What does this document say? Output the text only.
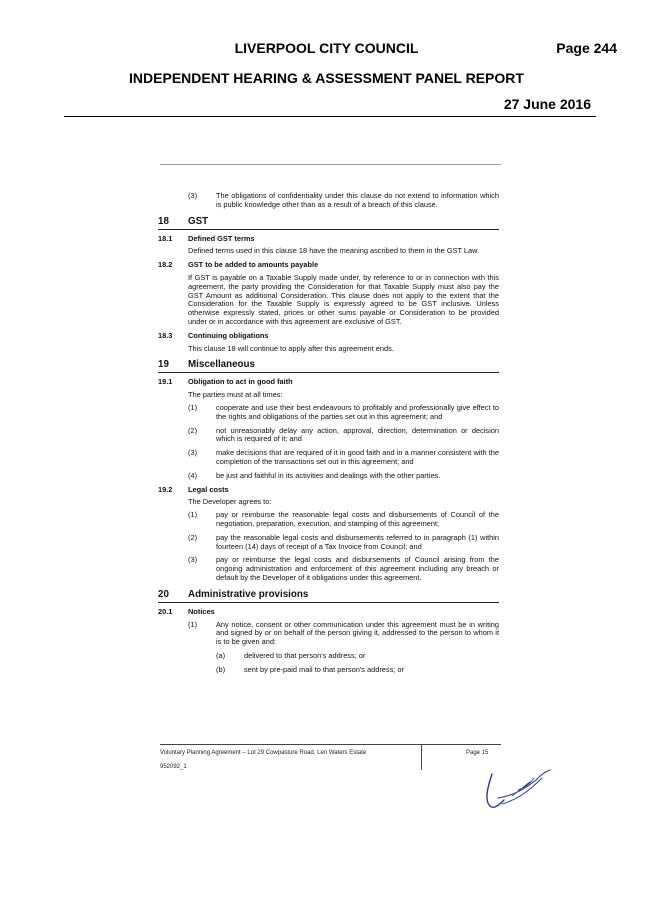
LIVERPOOL CITY COUNCIL	Page 244
INDEPENDENT HEARING & ASSESSMENT PANEL REPORT
27 June 2016
(3)	The obligations of confidentiality under this clause do not extend to information which is public knowledge other than as a result of a breach of this clause.
18 GST
18.1 Defined GST terms
Defined terms used in this clause 18 have the meaning ascribed to them in the GST Law.
18.2 GST to be added to amounts payable
If GST is payable on a Taxable Supply made under, by reference to or in connection with this agreement, the party providing the Consideration for that Taxable Supply must also pay the GST Amount as additional Consideration. This clause does not apply to the extent that the Consideration for the Taxable Supply is expressly agreed to be GST inclusive. Unless otherwise expressly stated, prices or other sums payable or Consideration to be provided under or in accordance with this agreement are exclusive of GST.
18.3 Continuing obligations
This clause 18 will continue to apply after this agreement ends.
19 Miscellaneous
19.1 Obligation to act in good faith
The parties must at all times:
(1)	cooperate and use their best endeavours to profitably and professionally give effect to the rights and obligations of the parties set out in this agreement; and
(2)	not unreasonably delay any action, approval, direction, determination or decision which is required of it; and
(3)	make decisions that are required of it in good faith and in a manner consistent with the completion of the transactions set out in this agreement; and
(4)	be just and faithful in its activities and dealings with the other parties.
19.2 Legal costs
The Developer agrees to:
(1)	pay or reimburse the reasonable legal costs and disbursements of Council of the negotiation, preparation, execution, and stamping of this agreement;
(2)	pay the reasonable legal costs and disbursements referred to in paragraph (1) within fourteen (14) days of receipt of a Tax Invoice from Council; and
(3)	pay or reimburse the legal costs and disbursements of Council arising from the ongoing administration and enforcement of this agreement including any breach or default by the Developer of it obligations under this agreement.
20 Administrative provisions
20.1 Notices
(1)	Any notice, consent or other communication under this agreement must be in writing and signed by or on behalf of the person giving it, addressed to the person to whom it is to be given and:
(a)	delivered to that person's address; or
(b)	sent by pre-paid mail to that person's address; or
Voluntary Planning Agreement – Lot 29 Cowpasture Road, Len Waters Estate
952092_1
Page 15
